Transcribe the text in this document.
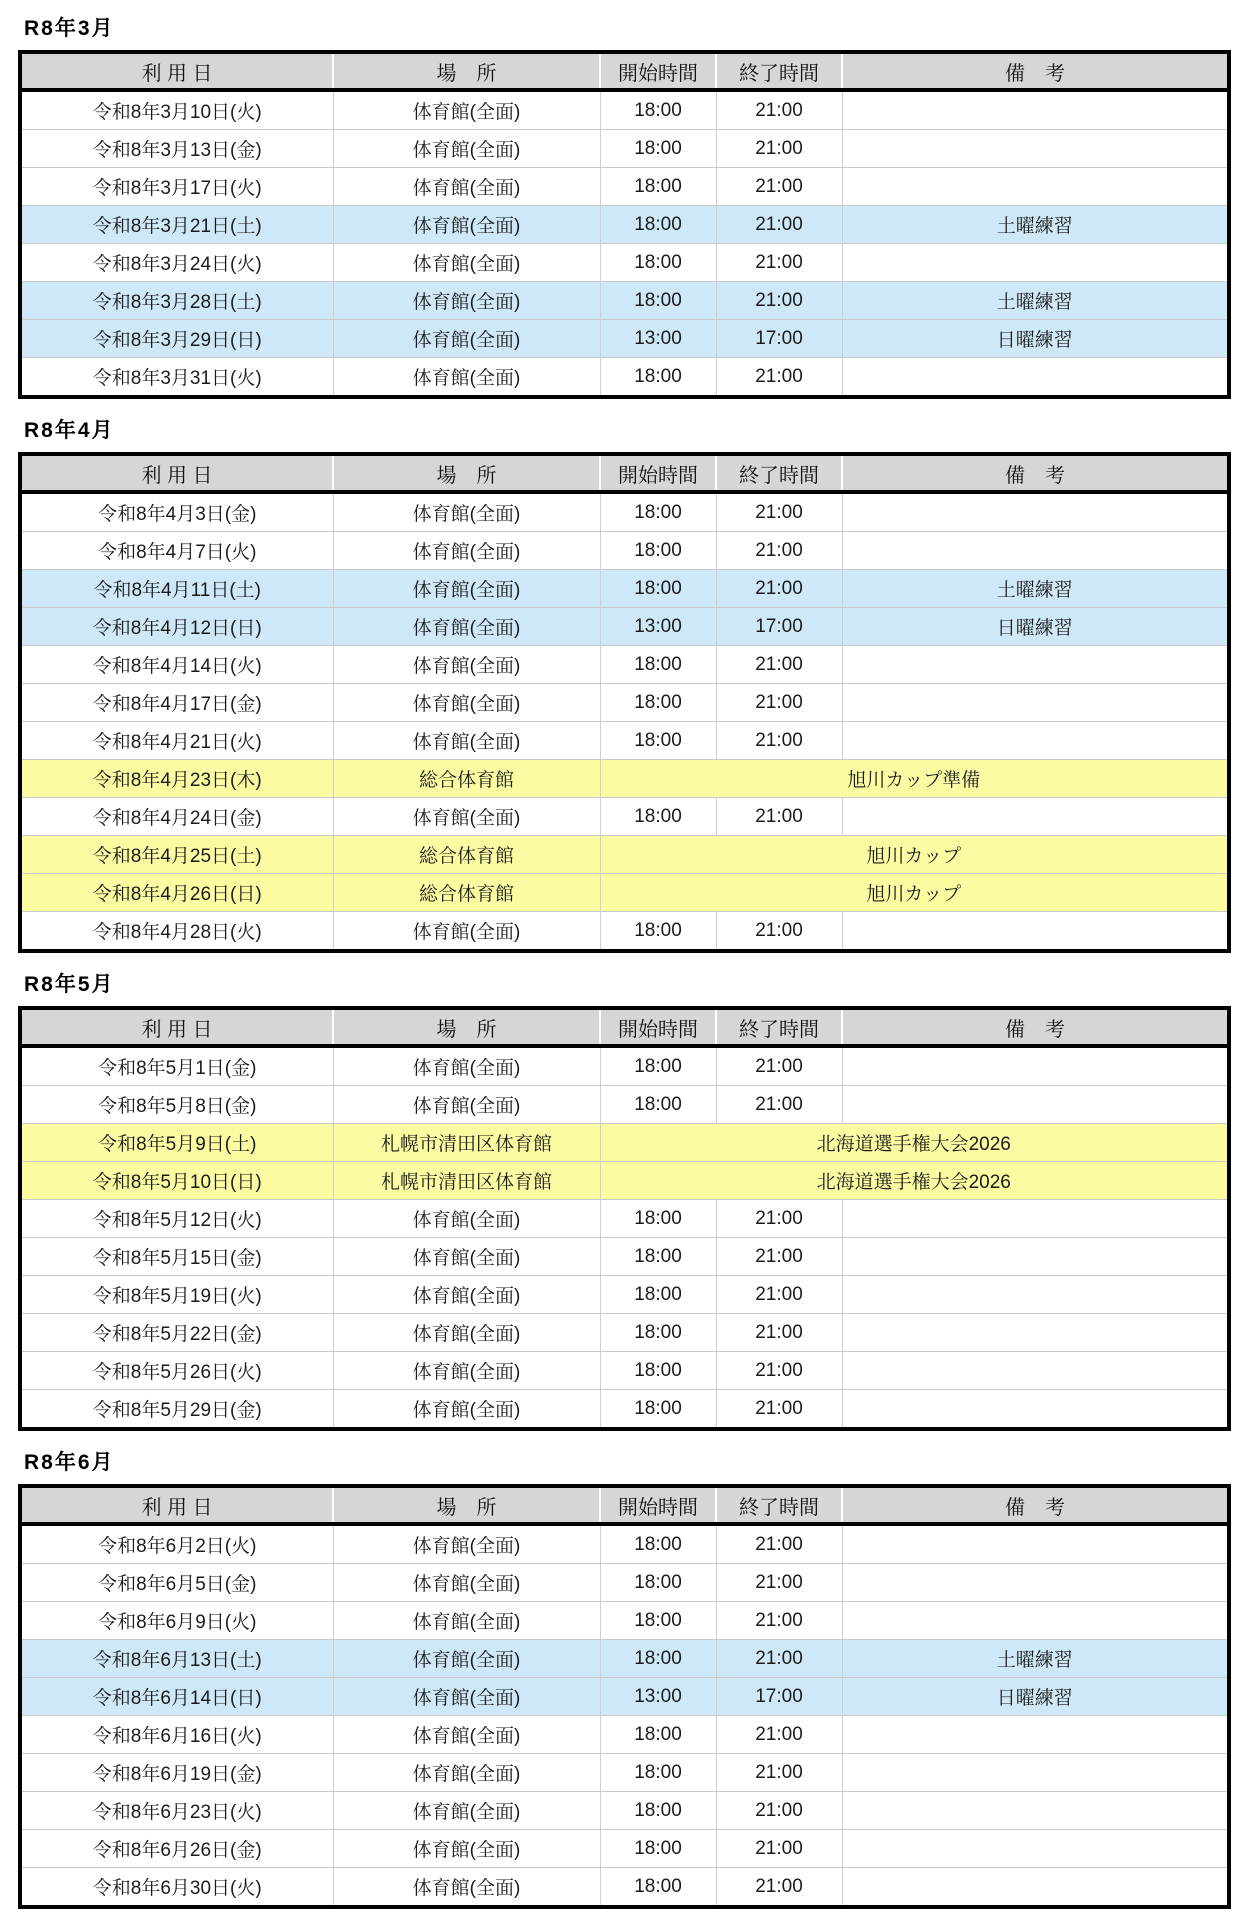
R8年3月
利 用 日	場　所	開始時間	終了時間	備　考
令和8年3月10日(火)	体育館(全面)	18:00	21:00	
令和8年3月13日(金)	体育館(全面)	18:00	21:00	
令和8年3月17日(火)	体育館(全面)	18:00	21:00	
令和8年3月21日(土)	体育館(全面)	18:00	21:00	土曜練習
令和8年3月24日(火)	体育館(全面)	18:00	21:00	
令和8年3月28日(土)	体育館(全面)	18:00	21:00	土曜練習
令和8年3月29日(日)	体育館(全面)	13:00	17:00	日曜練習
令和8年3月31日(火)	体育館(全面)	18:00	21:00	
R8年4月
利 用 日	場　所	開始時間	終了時間	備　考
令和8年4月3日(金)	体育館(全面)	18:00	21:00	
令和8年4月7日(火)	体育館(全面)	18:00	21:00	
令和8年4月11日(土)	体育館(全面)	18:00	21:00	土曜練習
令和8年4月12日(日)	体育館(全面)	13:00	17:00	日曜練習
令和8年4月14日(火)	体育館(全面)	18:00	21:00	
令和8年4月17日(金)	体育館(全面)	18:00	21:00	
令和8年4月21日(火)	体育館(全面)	18:00	21:00	
令和8年4月23日(木)	総合体育館	旭川カップ準備		
令和8年4月24日(金)	体育館(全面)	18:00	21:00	
令和8年4月25日(土)	総合体育館	旭川カップ		
令和8年4月26日(日)	総合体育館	旭川カップ		
令和8年4月28日(火)	体育館(全面)	18:00	21:00	
R8年5月
利 用 日	場　所	開始時間	終了時間	備　考
令和8年5月1日(金)	体育館(全面)	18:00	21:00	
令和8年5月8日(金)	体育館(全面)	18:00	21:00	
令和8年5月9日(土)	札幌市清田区体育館	北海道選手権大会2026		
令和8年5月10日(日)	札幌市清田区体育館	北海道選手権大会2026		
令和8年5月12日(火)	体育館(全面)	18:00	21:00	
令和8年5月15日(金)	体育館(全面)	18:00	21:00	
令和8年5月19日(火)	体育館(全面)	18:00	21:00	
令和8年5月22日(金)	体育館(全面)	18:00	21:00	
令和8年5月26日(火)	体育館(全面)	18:00	21:00	
令和8年5月29日(金)	体育館(全面)	18:00	21:00	
R8年6月
利 用 日	場　所	開始時間	終了時間	備　考
令和8年6月2日(火)	体育館(全面)	18:00	21:00	
令和8年6月5日(金)	体育館(全面)	18:00	21:00	
令和8年6月9日(火)	体育館(全面)	18:00	21:00	
令和8年6月13日(土)	体育館(全面)	18:00	21:00	土曜練習
令和8年6月14日(日)	体育館(全面)	13:00	17:00	日曜練習
令和8年6月16日(火)	体育館(全面)	18:00	21:00	
令和8年6月19日(金)	体育館(全面)	18:00	21:00	
令和8年6月23日(火)	体育館(全面)	18:00	21:00	
令和8年6月26日(金)	体育館(全面)	18:00	21:00	
令和8年6月30日(火)	体育館(全面)	18:00	21:00	
